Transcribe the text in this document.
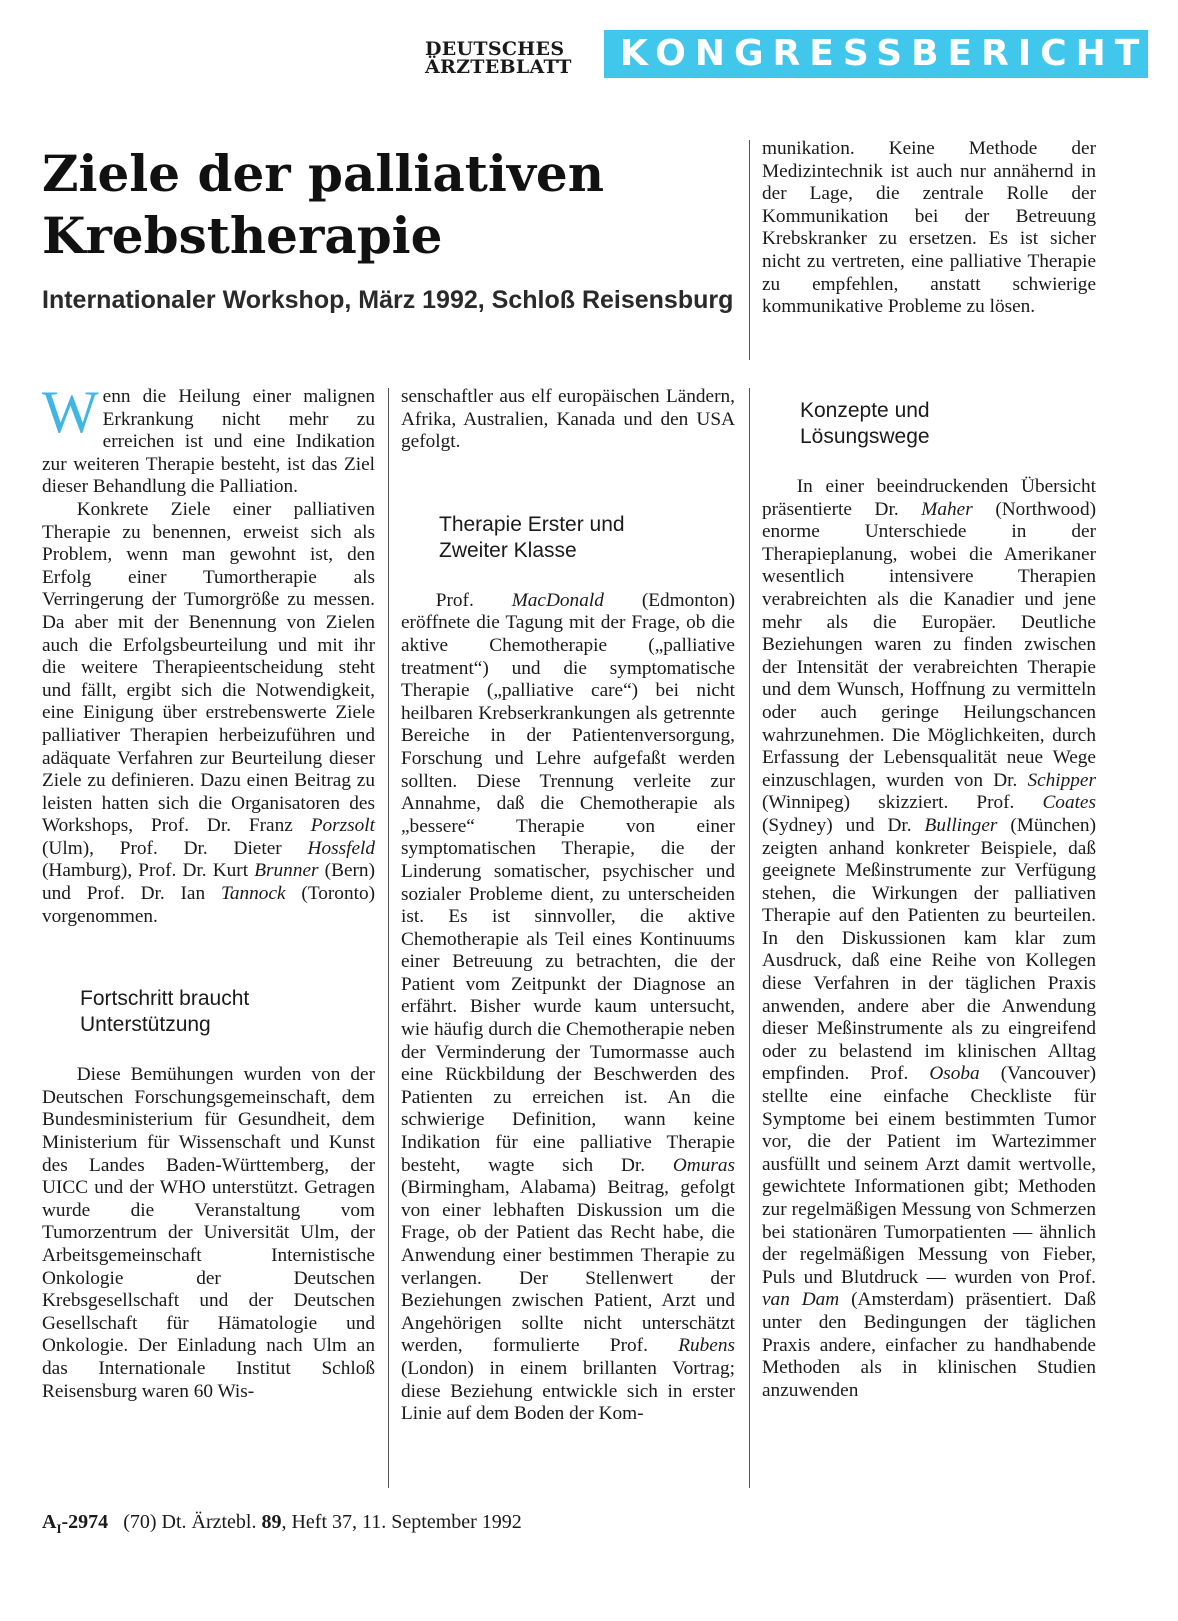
DEUTSCHES
ÄRZTEBLATT	KONGRESSBERICHT
Ziele der palliativen Krebstherapie
Internationaler Workshop, März 1992, Schloß Reisensburg

munikation. Keine Methode der Medizintechnik ist auch nur annähernd in der Lage, die zentrale Rolle der Kommunikation bei der Betreuung Krebskranker zu ersetzen. Es ist sicher nicht zu vertreten, eine palliative Therapie zu empfehlen, anstatt schwierige kommunikative Probleme zu lösen.

Wenn die Heilung einer malignen Erkrankung nicht mehr zu erreichen ist und eine Indikation zur weiteren Therapie besteht, ist das Ziel dieser Behandlung die Palliation.

Konkrete Ziele einer palliativen Therapie zu benennen, erweist sich als Problem, wenn man gewohnt ist, den Erfolg einer Tumortherapie als Verringerung der Tumorgröße zu messen. Da aber mit der Benennung von Zielen auch die Erfolgsbeurteilung und mit ihr die weitere Therapieentscheidung steht und fällt, ergibt sich die Notwendigkeit, eine Einigung über erstrebenswerte Ziele palliativer Therapien herbeizuführen und adäquate Verfahren zur Beurteilung dieser Ziele zu definieren. Dazu einen Beitrag zu leisten hatten sich die Organisatoren des Workshops, Prof. Dr. Franz Porzsolt (Ulm), Prof. Dr. Dieter Hossfeld (Hamburg), Prof. Dr. Kurt Brunner (Bern) und Prof. Dr. Ian Tannock (Toronto) vorgenommen.

Fortschritt braucht Unterstützung

Diese Bemühungen wurden von der Deutschen Forschungsgemeinschaft, dem Bundesministerium für Gesundheit, dem Ministerium für Wissenschaft und Kunst des Landes Baden-Württemberg, der UICC und der WHO unterstützt. Getragen wurde die Veranstaltung vom Tumorzentrum der Universität Ulm, der Arbeitsgemeinschaft Internistische Onkologie der Deutschen Krebsgesellschaft und der Deutschen Gesellschaft für Hämatologie und Onkologie. Der Einladung nach Ulm an das Internationale Institut Schloß Reisensburg waren 60 Wis-

senschaftler aus elf europäischen Ländern, Afrika, Australien, Kanada und den USA gefolgt.

Therapie Erster und Zweiter Klasse

Prof. MacDonald (Edmonton) eröffnete die Tagung mit der Frage, ob die aktive Chemotherapie („palliative treatment“) und die symptomatische Therapie („palliative care“) bei nicht heilbaren Krebserkrankungen als getrennte Bereiche in der Patientenversorgung, Forschung und Lehre aufgefaßt werden sollten. Diese Trennung verleite zur Annahme, daß die Chemotherapie als „bessere“ Therapie von einer symptomatischen Therapie, die der Linderung somatischer, psychischer und sozialer Probleme dient, zu unterscheiden ist. Es ist sinnvoller, die aktive Chemotherapie als Teil eines Kontinuums einer Betreuung zu betrachten, die der Patient vom Zeitpunkt der Diagnose an erfährt. Bisher wurde kaum untersucht, wie häufig durch die Chemotherapie neben der Verminderung der Tumormasse auch eine Rückbildung der Beschwerden des Patienten zu erreichen ist. An die schwierige Definition, wann keine Indikation für eine palliative Therapie besteht, wagte sich Dr. Omuras (Birmingham, Alabama) Beitrag, gefolgt von einer lebhaften Diskussion um die Frage, ob der Patient das Recht habe, die Anwendung einer bestimmen Therapie zu verlangen. Der Stellenwert der Beziehungen zwischen Patient, Arzt und Angehörigen sollte nicht unterschätzt werden, formulierte Prof. Rubens (London) in einem brillanten Vortrag; diese Beziehung entwickle sich in erster Linie auf dem Boden der Kom-

Konzepte und Lösungswege

In einer beeindruckenden Übersicht präsentierte Dr. Maher (Northwood) enorme Unterschiede in der Therapieplanung, wobei die Amerikaner wesentlich intensivere Therapien verabreichten als die Kanadier und jene mehr als die Europäer. Deutliche Beziehungen waren zu finden zwischen der Intensität der verabreichten Therapie und dem Wunsch, Hoffnung zu vermitteln oder auch geringe Heilungschancen wahrzunehmen. Die Möglichkeiten, durch Erfassung der Lebensqualität neue Wege einzuschlagen, wurden von Dr. Schipper (Winnipeg) skizziert. Prof. Coates (Sydney) und Dr. Bullinger (München) zeigten anhand konkreter Beispiele, daß geeignete Meßinstrumente zur Verfügung stehen, die Wirkungen der palliativen Therapie auf den Patienten zu beurteilen. In den Diskussionen kam klar zum Ausdruck, daß eine Reihe von Kollegen diese Verfahren in der täglichen Praxis anwenden, andere aber die Anwendung dieser Meßinstrumente als zu eingreifend oder zu belastend im klinischen Alltag empfinden. Prof. Osoba (Vancouver) stellte eine einfache Checkliste für Symptome bei einem bestimmten Tumor vor, die der Patient im Wartezimmer ausfüllt und seinem Arzt damit wertvolle, gewichtete Informationen gibt; Methoden zur regelmäßigen Messung von Schmerzen bei stationären Tumorpatienten — ähnlich der regelmäßigen Messung von Fieber, Puls und Blutdruck — wurden von Prof. van Dam (Amsterdam) präsentiert. Daß unter den Bedingungen der täglichen Praxis andere, einfacher zu handhabende Methoden als in klinischen Studien anzuwenden

$A_I-2974$ (70) Dt. Ärztebl. 89, Heft 37, 11. September 1992
